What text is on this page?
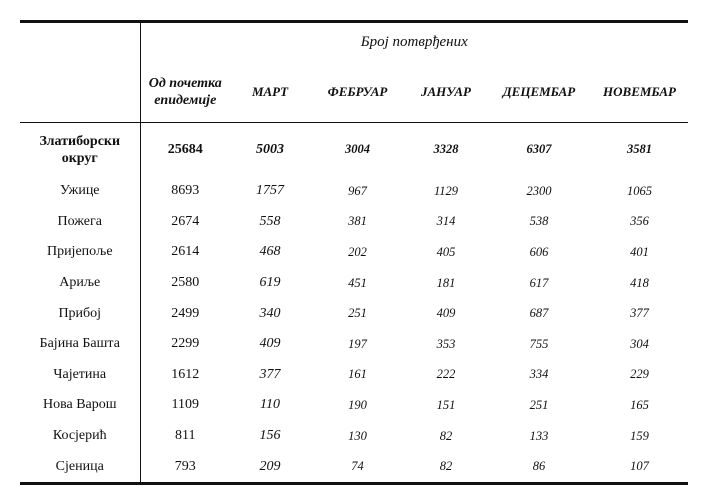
	Број потврђених					
	Од почетка епидемије	МАРТ	ФЕБРУАР	ЈАНУАР	ДЕЦЕМБАР	НОВЕМБАР
Златиборски округ	25684	5003	3004	3328	6307	3581
Ужице	8693	1757	967	1129	2300	1065
Пожега	2674	558	381	314	538	356
Пријепоље	2614	468	202	405	606	401
Ариље	2580	619	451	181	617	418
Прибој	2499	340	251	409	687	377
Бајина Башта	2299	409	197	353	755	304
Чајетина	1612	377	161	222	334	229
Нова Варош	1109	110	190	151	251	165
Косјерић	811	156	130	82	133	159
Сјеница	793	209	74	82	86	107
